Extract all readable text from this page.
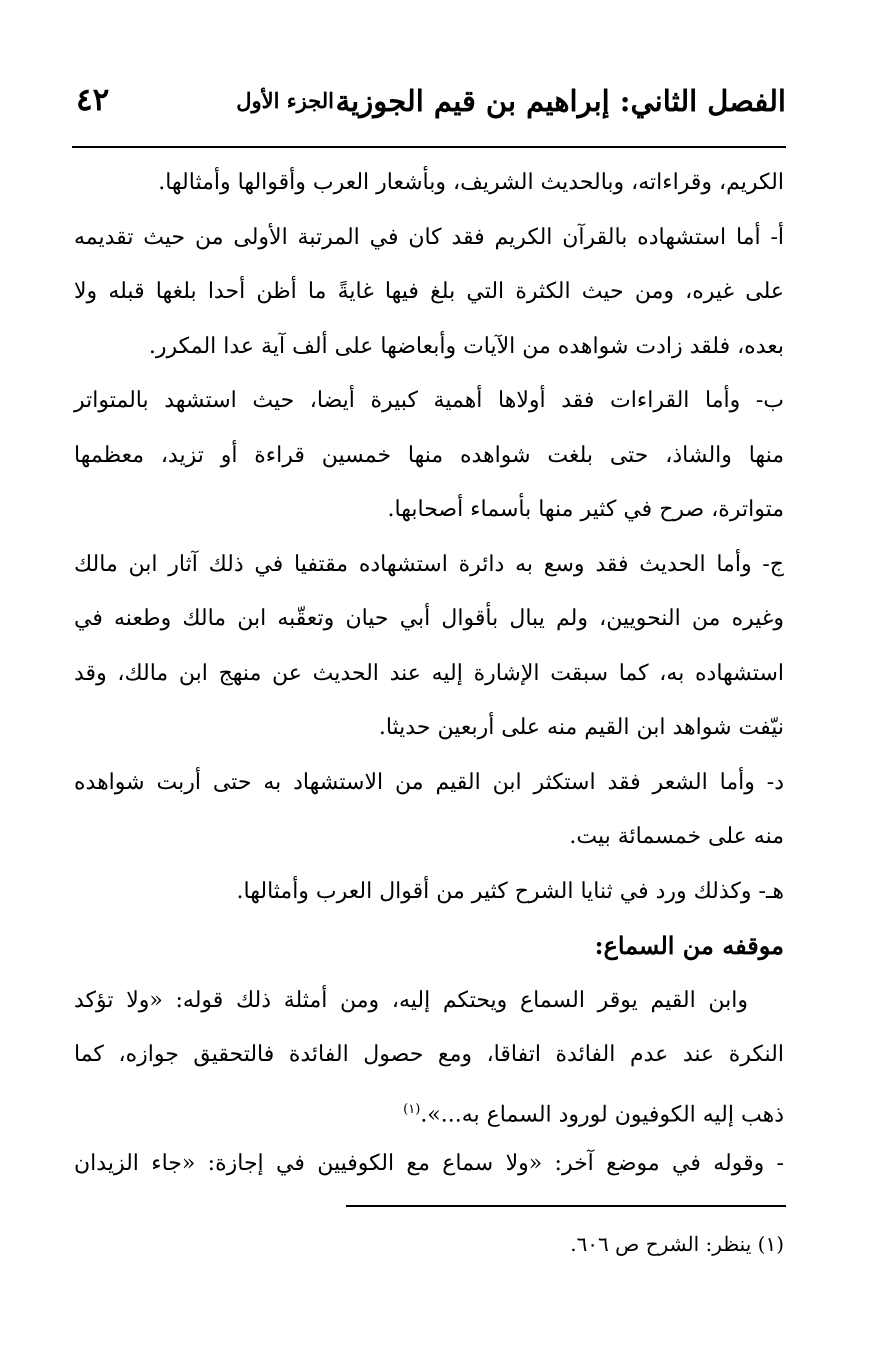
الفصل الثاني: إبراهيم بن قيم الجوزية
الجزء الأول
٤٢
الكريم، وقراءاته، وبالحديث الشريف، وبأشعار العرب وأقوالها وأمثالها.
أ- أما استشهاده بالقرآن الكريم فقد كان في المرتبة الأولى من حيث تقديمه
على غيره، ومن حيث الكثرة التي بلغ فيها غايةً ما أظن أحدا بلغها قبله ولا
بعده، فلقد زادت شواهده من الآيات وأبعاضها على ألف آية عدا المكرر.
ب- وأما القراءات فقد أولاها أهمية كبيرة أيضا، حيث استشهد بالمتواتر
منها والشاذ، حتى بلغت شواهده منها خمسين قراءة أو تزيد، معظمها
متواترة، صرح في كثير منها بأسماء أصحابها.
ج- وأما الحديث فقد وسع به دائرة استشهاده مقتفيا في ذلك آثار ابن مالك
وغيره من النحويين، ولم يبال بأقوال أبي حيان وتعقّبه ابن مالك وطعنه في
استشهاده به، كما سبقت الإشارة إليه عند الحديث عن منهج ابن مالك، وقد
نيّفت شواهد ابن القيم منه على أربعين حديثا.
د- وأما الشعر فقد استكثر ابن القيم من الاستشهاد به حتى أربت شواهده
منه على خمسمائة بيت.
هـ- وكذلك ورد في ثنايا الشرح كثير من أقوال العرب وأمثالها.
موقفه من السماع:
وابن القيم يوقر السماع ويحتكم إليه، ومن أمثلة ذلك قوله: «ولا تؤكد
النكرة عند عدم الفائدة اتفاقا، ومع حصول الفائدة فالتحقيق جوازه، كما
ذهب إليه الكوفيون لورود السماع به...».$^{(١)}$
- وقوله في موضع آخر: «ولا سماع مع الكوفيين في إجازة: «جاء الزيدان
(١) ينظر: الشرح ص ٦٠٦.
